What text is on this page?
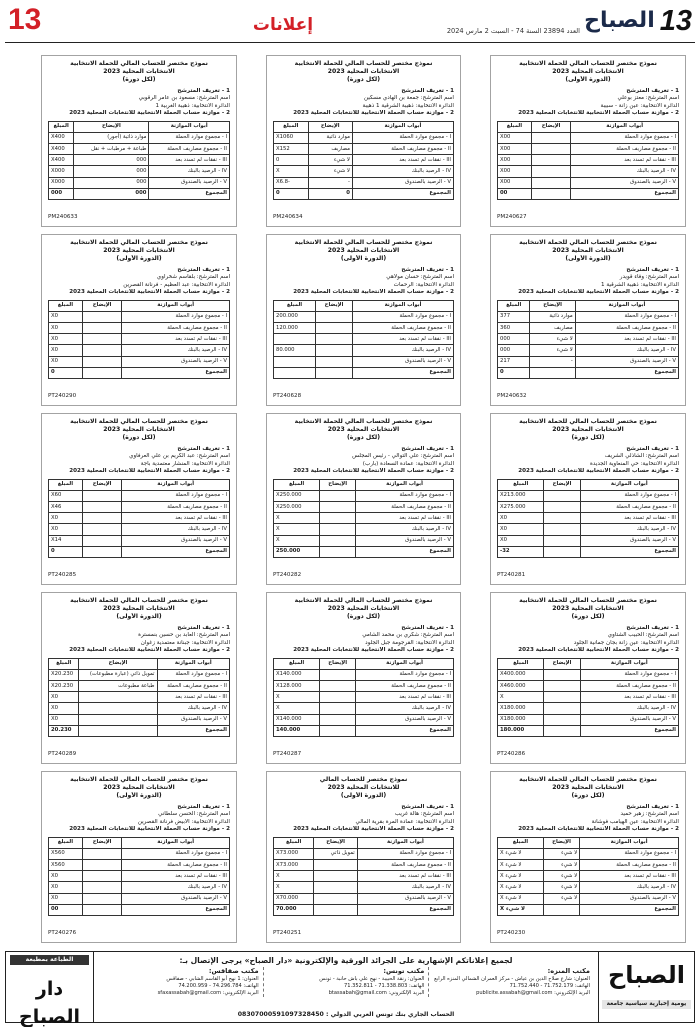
13	إعلانات	العدد 23894 السنة 74 - السبت 2 مارس 2024 الصباح 13
نموذج مختصر للحساب المالي للحملة الانتخابية
الانتخابات المحلية 2023
(الدورة الأولى)
1 - تعريف المترشح
اسم المترشح: معتز بوعلي
الدائرة الانتخابية: عين زانة - سبيبة
2 - موازنة حساب الحملة الانتخابية للانتخابات المحلية 2023
أبواب الموازنة	الإيضاح	المبلغ
I - مجموع موارد الحملة		X00
II - مجموع مصاريف الحملة		X00
III - نفقات لم تسدد بعد		X00
IV - الرصيد بالبنك		X00
V - الرصيد بالصندوق		X00
المجموع		00
PM240627
نموذج مختصر للحساب المالي للحملة الانتخابية
الانتخابات المحلية 2023
(لكل دورة)
1 - تعريف المترشح
اسم المترشح: جمعة بن الهادي مسكين
الدائرة الانتخابية: ذهيبة الشرقية 1 ذهيبة
2 - موازنة حساب الحملة الانتخابية للانتخابات المحلية 2023
أبواب الموازنة	الإيضاح	المبلغ
I - مجموع موارد الحملة	موارد ذاتية	X1060
II - مجموع مصاريف الحملة	مصاريف	X152
III - نفقات لم تسدد بعد	لا شيء	0
IV - الرصيد بالبنك	لا شيء	X
V - الرصيد بالصندوق	-	X6.8-
المجموع	0	0
PM240634
نموذج مختصر للحساب المالي للحملة الانتخابية
الانتخابات المحلية 2023
(لكل دورة)
1 - تعريف المترشح
اسم المترشح: مسعود بن عامر الرقوبي
الدائرة الانتخابية: ذهيبة الغربية 1
2 - موازنة حساب الحملة الانتخابية للانتخابات المحلية 2023
أبواب الموازنة	الإيضاح	المبلغ
I - مجموع موارد الحملة	موارد ذاتية (أجور)	X400
II - مجموع مصاريف الحملة	طباعة + مرطبات + نقل	X400
III - نفقات لم تسدد بعد	000	X400
IV - الرصيد بالبنك	000	X000
V - الرصيد بالصندوق	000	X000
المجموع	000	000
PM240633
نموذج مختصر للحساب المالي للحملة الانتخابية
الانتخابات المحلية 2023
(الدورة الأولى)
1 - تعريف المترشح
اسم المترشح: وفاء قويدر
الدائرة الانتخابية: ذهيبة الشرقية 1
2 - موازنة حساب الحملة الانتخابية للانتخابات المحلية 2023
أبواب الموازنة	الإيضاح	المبلغ
I - مجموع موارد الحملة	موارد ذاتية	377
II - مجموع مصاريف الحملة	مصاريف	360
III - نفقات لم تسدد بعد	لا شيء	000
IV - الرصيد بالبنك	لا شيء	000
V - الرصيد بالصندوق	-	217
المجموع		0
PM240632
نموذج مختصر للحساب المالي للحملة الانتخابية
الانتخابات المحلية 2023
(الدورة الأولى)
1 - تعريف المترشح
اسم المترشح: حسان مولاهي
الدائرة الانتخابية: الرحمات
2 - موازنة حساب الحملة الانتخابية للانتخابات المحلية 2023
أبواب الموازنة	الإيضاح	المبلغ
I - مجموع موارد الحملة		200.000
II - مجموع مصاريف الحملة		120.000
III - نفقات لم تسدد بعد		
IV - الرصيد بالبنك		80.000
V - الرصيد بالصندوق		
المجموع		
PT240628
نموذج مختصر للحساب المالي للحملة الانتخابية
الانتخابات المحلية 2023
(الدورة الأولى)
1 - تعريف المترشح
اسم المترشح: بلقاسم شخراوي
الدائرة الانتخابية: عبد العظيم - فرنانة القصرين
2 - موازنة حساب الحملة الانتخابية للانتخابات المحلية 2023
أبواب الموازنة	الإيضاح	المبلغ
I - مجموع موارد الحملة		X0
II - مجموع مصاريف الحملة		X0
III - نفقات لم تسدد بعد		X0
IV - الرصيد بالبنك		X0
V - الرصيد بالصندوق		X0
المجموع		0
PT240290
نموذج مختصر للحساب المالي للحملة الانتخابية
الانتخابات المحلية 2023
(لكل دورة)
1 - تعريف المترشح
اسم المترشح: الشاذلي الشريف
الدائرة الانتخابية: حي المنعاوية الجديدة
2 - موازنة حساب الحملة الانتخابية للانتخابات المحلية 2023
أبواب الموازنة	الإيضاح	المبلغ
I - مجموع موارد الحملة		X213.000
II - مجموع مصاريف الحملة		X275.000
III - نفقات لم تسدد بعد		X0
IV - الرصيد بالبنك		X0
V - الرصيد بالصندوق		X0
المجموع		-32
PT240281
نموذج مختصر للحساب المالي للحملة الانتخابية
الانتخابات المحلية 2023
(لكل دورة)
1 - تعريف المترشح
اسم المترشح: علي التوالي - رئيس المجلس
الدائرة الانتخابية: عمادة السعادة (بارب)
2 - موازنة حساب الحملة الانتخابية للانتخابات المحلية 2023
أبواب الموازنة	الإيضاح	المبلغ
I - مجموع موارد الحملة		X250.000
II - مجموع مصاريف الحملة		X250.000
III - نفقات لم تسدد بعد		X
IV - الرصيد بالبنك		X
V - الرصيد بالصندوق		X
المجموع		250.000
PT240282
نموذج مختصر للحساب المالي للحملة الانتخابية
الانتخابات المحلية 2023
(لكل دورة)
1 - تعريف المترشح
اسم المترشح: عبد الكريم بن علي العرفاوي
الدائرة الانتخابية: المنشار معتمدية باجة
2 - موازنة حساب الحملة الانتخابية للانتخابات المحلية 2023
أبواب الموازنة	الإيضاح	المبلغ
I - مجموع موارد الحملة		X60
II - مجموع مصاريف الحملة		X46
III - نفقات لم تسدد بعد		X0
IV - الرصيد بالبنك		X0
V - الرصيد بالصندوق		X14
المجموع		0
PT240285
نموذج مختصر للحساب المالي للحملة الانتخابية
الانتخابات المحلية 2023
(لكل دورة)
1 - تعريف المترشح
اسم المترشح: الحبيب الشتاوي
الدائرة الانتخابية: عين زانة بجان جمانية الجلود
2 - موازنة حساب الحملة الانتخابية للانتخابات المحلية 2023
أبواب الموازنة	الإيضاح	المبلغ
I - مجموع موارد الحملة		X400.000
II - مجموع مصاريف الحملة		X460.000
III - نفقات لم تسدد بعد		X
IV - الرصيد بالبنك		X180.000
V - الرصيد بالصندوق		X180.000
المجموع		180.000
PT240286
نموذج مختصر للحساب المالي للحملة الانتخابية
الانتخابات المحلية 2023
(لكل دورة)
1 - تعريف المترشح
اسم المترشح: شكري بن محمد الشامي
الدائرة الانتخابية: القرجومة جبل الجلود
2 - موازنة حساب الحملة الانتخابية للانتخابات المحلية 2023
أبواب الموازنة	الإيضاح	المبلغ
I - مجموع موارد الحملة		X140.000
II - مجموع مصاريف الحملة		X128.000
III - نفقات لم تسدد بعد		X
IV - الرصيد بالبنك		X
V - الرصيد بالصندوق		X140.000
المجموع		140.000
PT240287
نموذج مختصر للحساب المالي للحملة الانتخابية
الانتخابات المحلية 2023
(الدورة الأولى)
1 - تعريف المترشح
اسم المترشح: العابد بن حسين بنمسترة
الدائرة الانتخابية: جبنانة معتمدية زغوان
2 - موازنة حساب الحملة الانتخابية للانتخابات المحلية 2023
أبواب الموازنة	الإيضاح	المبلغ
I - مجموع موارد الحملة	تمويل ذاتي (عبارة مطبوعات)	X20.230
II - مجموع مصاريف الحملة	طباعة مطبوعات	X20.230
III - نفقات لم تسدد بعد		X0
IV - الرصيد بالبنك		X0
V - الرصيد بالصندوق		X0
المجموع		20.230
PT240289
نموذج مختصر للحساب المالي للحملة الانتخابية
الانتخابات المحلية 2023
(لكل دورة)
1 - تعريف المترشح
اسم المترشح: زهير حميد
الدائرة الانتخابية: عين الهيامب فوشانة
2 - موازنة حساب الحملة الانتخابية للانتخابات المحلية 2023
أبواب الموازنة	الإيضاح	المبلغ
I - مجموع موارد الحملة	لا شيء	X لا شيء
II - مجموع مصاريف الحملة	لا شيء	X لا شيء
III - نفقات لم تسدد بعد	لا شيء	X لا شيء
IV - الرصيد بالبنك	لا شيء	X لا شيء
V - الرصيد بالصندوق	لا شيء	X لا شيء
المجموع		X لا شيء
PT240230
نموذج مختصر للحساب المالي
للانتخابات المحلية 2023
(الدورة الأولى)
1 - تعريف المترشح
اسم المترشح: هالة غريب
الدائرة الانتخابية: عمادة المرة بقرية المالي
2 - موازنة حساب الحملة الانتخابية للانتخابات المحلية 2023
أبواب الموازنة	الإيضاح	المبلغ
I - مجموع موارد الحملة	تمويل ذاتي	X73.000
II - مجموع مصاريف الحملة		X73.000
III - نفقات لم تسدد بعد		X
IV - الرصيد بالبنك		X
V - الرصيد بالصندوق		X70.000
المجموع		70.000
PT240251
نموذج مختصر للحساب المالي للحملة الانتخابية
الانتخابات المحلية 2023
(الدورة الأولى)
1 - تعريف المترشح
اسم المترشح: الحسن سلطاني
الدائرة الانتخابية: الأبيض فرنانة القصرين
2 - موازنة حساب الحملة الانتخابية للانتخابات المحلية 2023
أبواب الموازنة	الإيضاح	المبلغ
I - مجموع موارد الحملة		X560
II - مجموع مصاريف الحملة		X560
III - نفقات لم تسدد بعد		X0
IV - الرصيد بالبنك		X0
V - الرصيد بالصندوق		X0
المجموع		00
PT240276
الصباح
يومية إخبارية سياسية جامعة
لجميع إعلاناتكم الإشهارية على الجرائد الورقية والإلكترونية «دار الصباح» يرجى الإتصال بـ:
مكتب المنزه:
العنوان: شارع صلاح الدين بن عياش - مركز العمران الشمالي المنزه الرابع
الهاتف: 71.752.179 - 71.752.440
البريد الإلكتروني: publicite.assabah@gmail.com
مكتب تونس:
العنوان: زنقة الحبيبة - نهج علي باش حانبة - تونس
الهاتف: 71.338.803 - 71.352.811
البريد الإلكتروني: btassabah@gmail.com
مكتب صفاقس:
العنوان: 1 نهج أبو القاسم الشابي - صفاقس
الهاتف: 74.296.784 - 74.200.959
البريد الإلكتروني: sfaxassabah@gmail.com
الحساب الجاري بنك تونس العربي الدولي : 08307000591097328450
الطباعة بمطبعة
دار الصباح
